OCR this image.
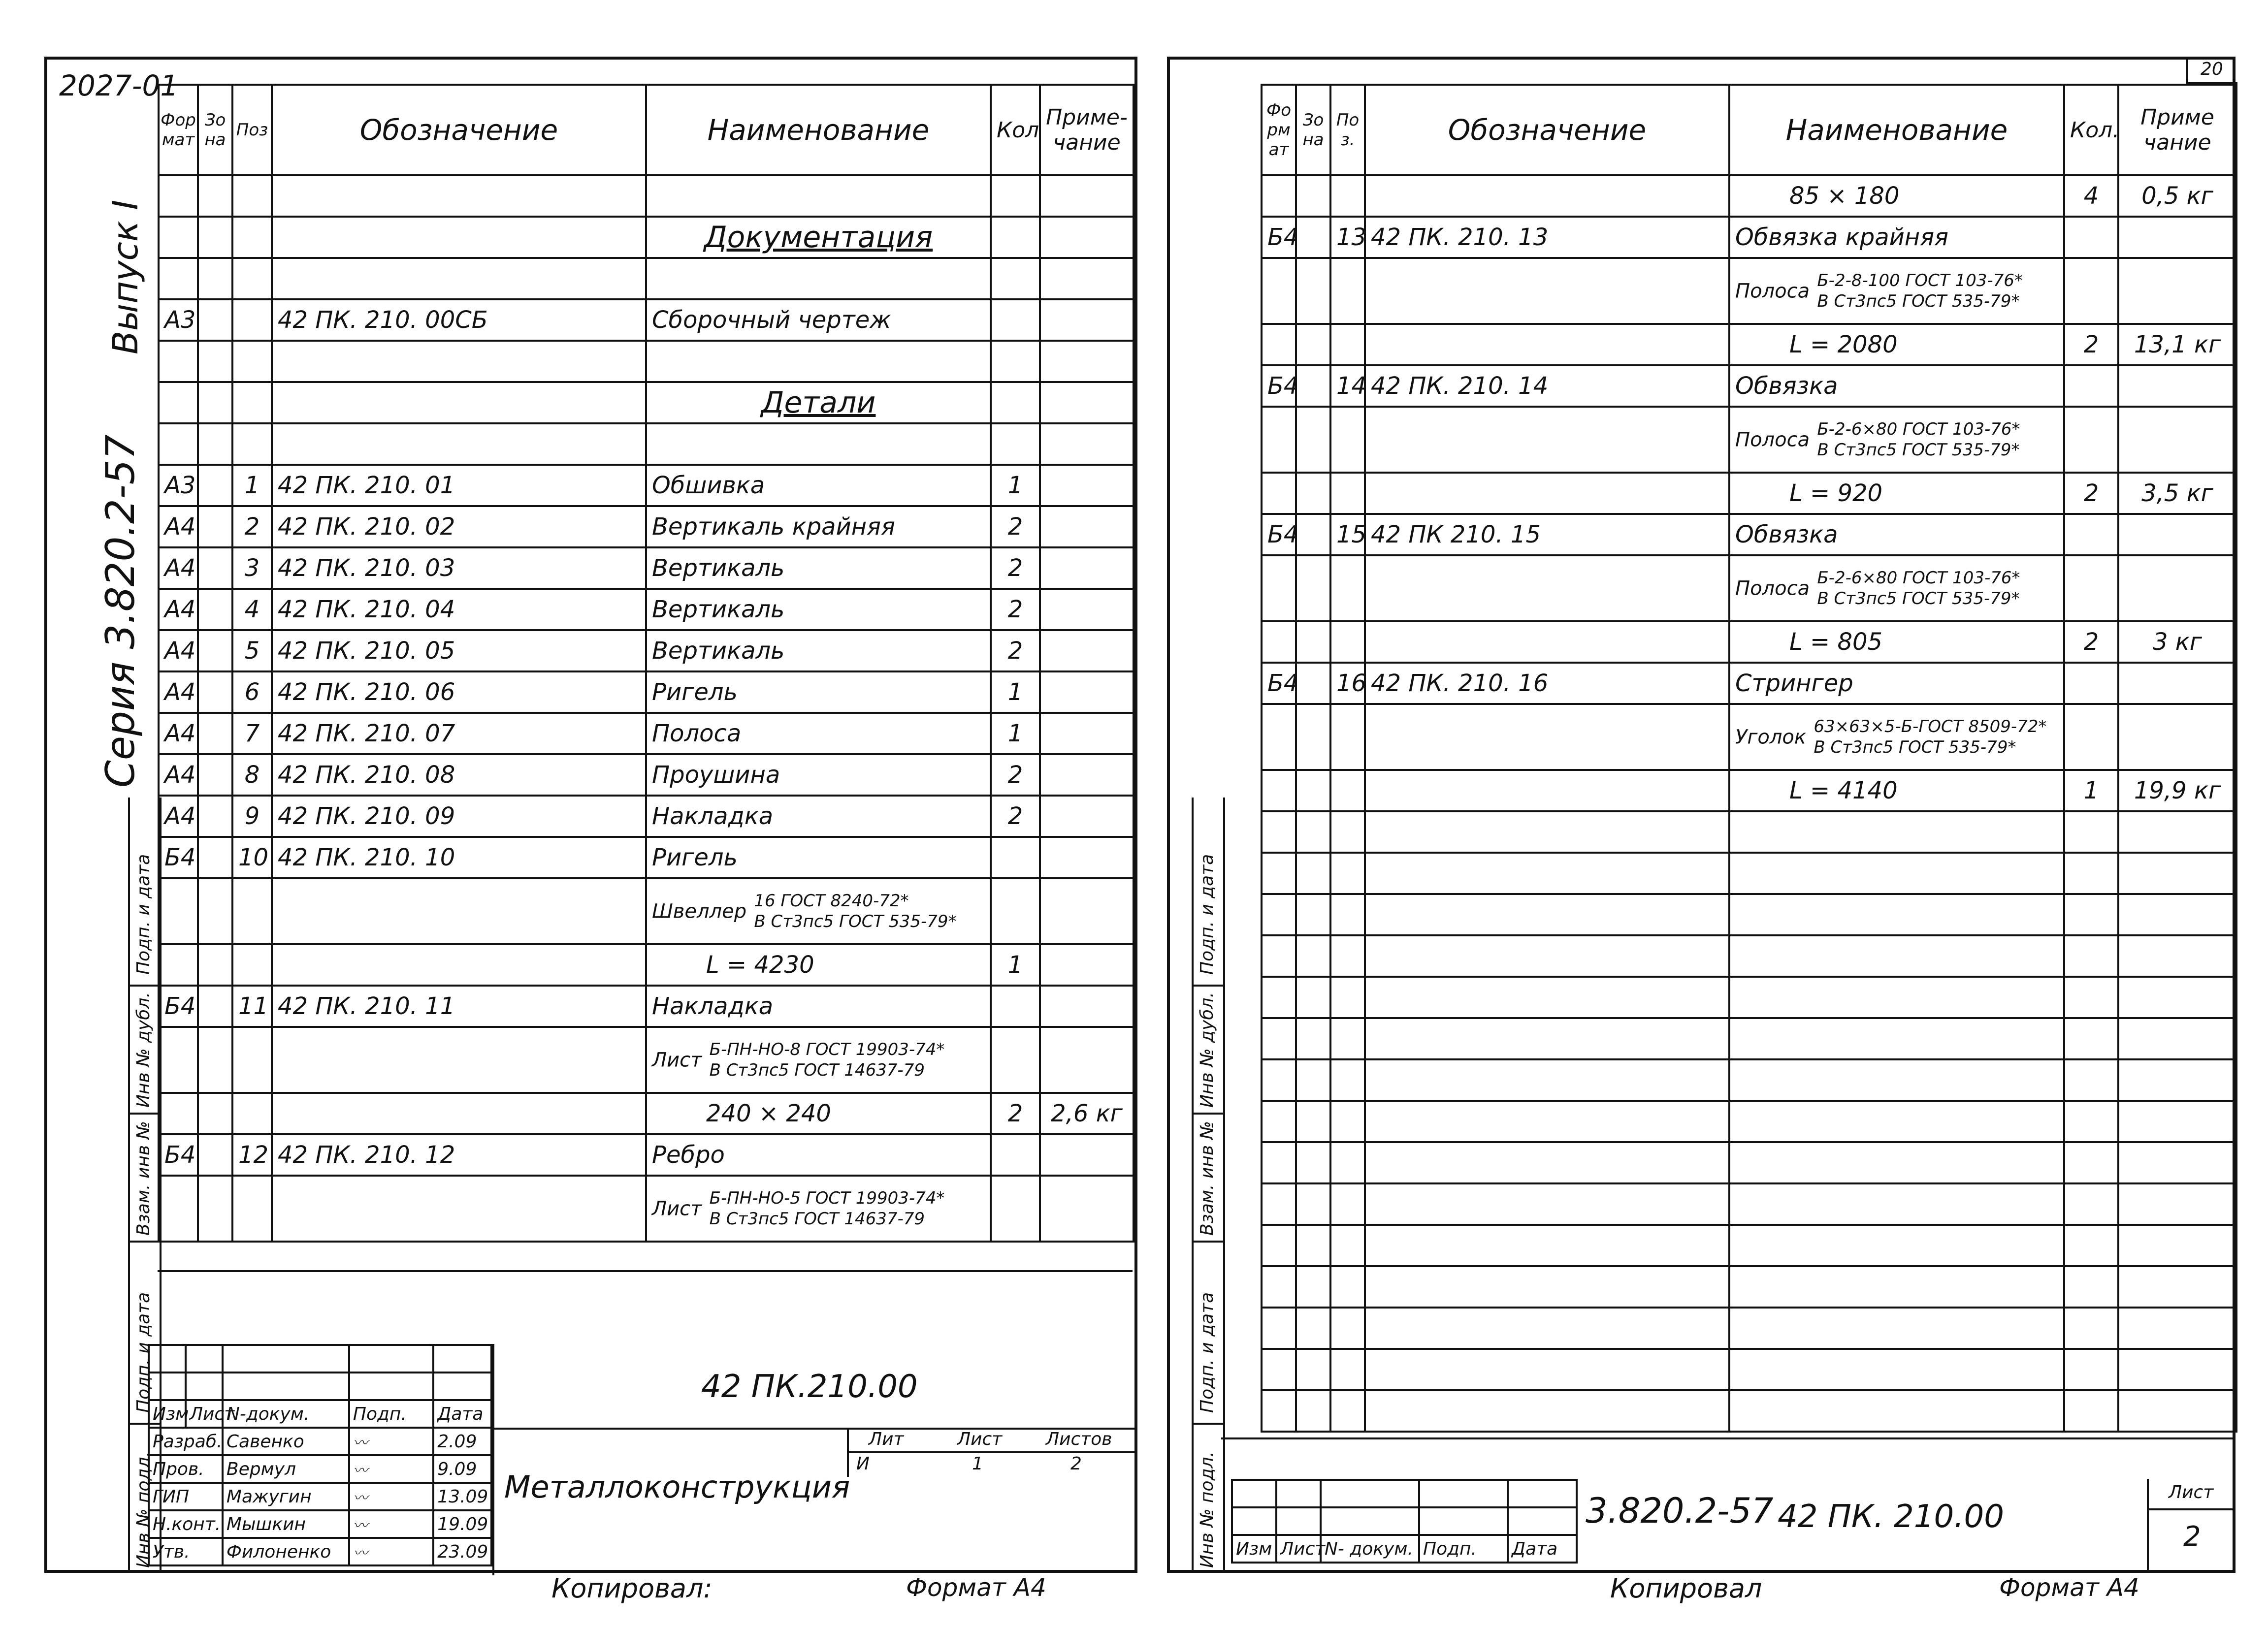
2027-01
Серия 3.820.2-57
Выпуск I
Формат	Зона	Поз	Обозначение	Наименование	Кол	Приме-чание

				Документация		

А3			42 ПК. 210. 00СБ	Сборочный чертеж		

				Детали		

А3		1	42 ПК. 210. 01	Обшивка	1	
А4		2	42 ПК. 210. 02	Вертикаль крайняя	2	
А4		3	42 ПК. 210. 03	Вертикаль	2	
А4		4	42 ПК. 210. 04	Вертикаль	2	
А4		5	42 ПК. 210. 05	Вертикаль	2	
А4		6	42 ПК. 210. 06	Ригель	1	
А4		7	42 ПК. 210. 07	Полоса	1	
А4		8	42 ПК. 210. 08	Проушина	2	
А4		9	42 ПК. 210. 09	Накладка	2	
Б4		10	42 ПК. 210. 10	Ригель		
				Швеллер 16 ГОСТ 8240-72*
В Ст3пс5 ГОСТ 535-79*		

				L = 4230	1	
Б4		11	42 ПК. 210. 11	Накладка		
				Лист Б-ПН-НО-8 ГОСТ 19903-74*
В Ст3пс5 ГОСТ 14637-79		

				240 × 240	2	2,6 кг
Б4		12	42 ПК. 210. 12	Ребро		
				Лист Б-ПН-НО-5 ГОСТ 19903-74*
В Ст3пс5 ГОСТ 14637-79		

Подп. и дата
Инв № дубл.
Взам. инв №
Подп. и дата
Инв № подл.

Изм	Лист	N-докум.	Подп.	Дата
Разраб.		Савенко	〰	2.09
Пров.		Вермул	〰	9.09
ГИП		Мажугин	〰	13.09
Н.конт.		Мышкин	〰	19.09
Утв.		Филоненко	〰	23.09
42 ПК.210.00
Металлоконструкция
Лит	Лист Листов
И	1	2
Копировал:	Формат А4
20
Формат	Зона	Поз.	Обозначение	Наименование	Кол.	Приме чание
				85 × 180	4	0,5 кг
Б4		13	42 ПК. 210. 13	Обвязка крайняя		
				Полоса Б-2-8-100 ГОСТ 103-76*
В Ст3пс5 ГОСТ 535-79*		

				L = 2080	2	13,1 кг
Б4		14	42 ПК. 210. 14	Обвязка		
				Полоса Б-2-6×80 ГОСТ 103-76*
В Ст3пс5 ГОСТ 535-79*		

				L = 920	2	3,5 кг
Б4		15	42 ПК 210. 15	Обвязка		
				Полоса Б-2-6×80 ГОСТ 103-76*
В Ст3пс5 ГОСТ 535-79*		

				L = 805	2	3 кг
Б4		16	42 ПК. 210. 16	Стрингер		
				Уголок 63×63×5-Б-ГОСТ 8509-72*
В Ст3пс5 ГОСТ 535-79*		

				L = 4140	1	19,9 кг

Подп. и дата
Инв № дубл.
Взам. инв №
Подп. и дата
Инв № подл.

				Изм	Лист	N- докум.	Подп.	Дата
3.820.2-57 42 ПК. 210.00
Лист
2
Копировал	Формат А4
